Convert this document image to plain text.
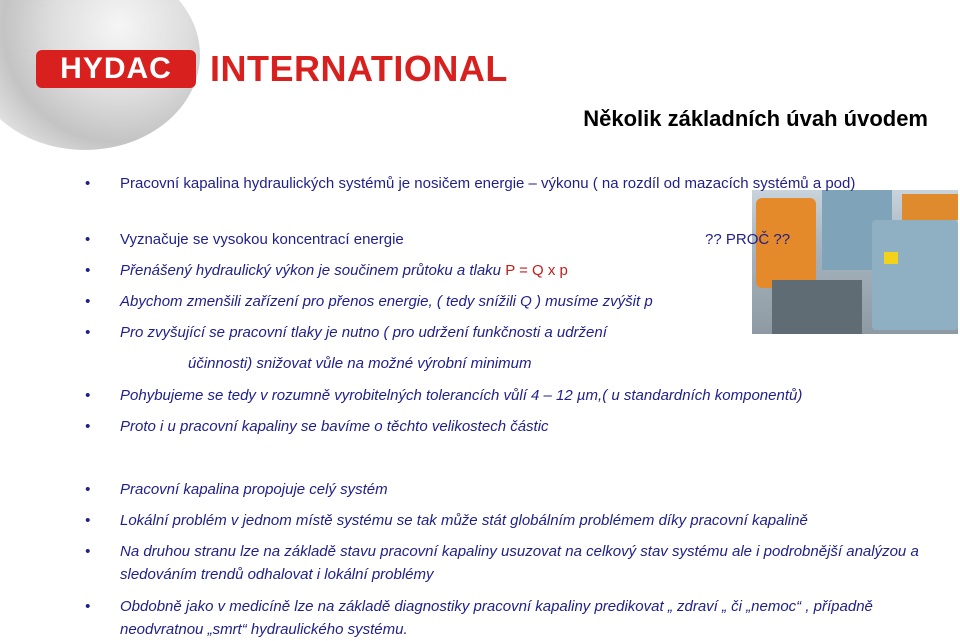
HYDAC INTERNATIONAL
Několik základních úvah úvodem
• Pracovní kapalina hydraulických systémů je nosičem energie – výkonu ( na rozdíl od mazacích systémů a pod)
• Vyznačuje se vysokou koncentrací energie	?? PROČ ??
• Přenášený hydraulický výkon je součinem průtoku a tlaku P = Q x p
• Abychom zmenšili zařízení pro přenos energie, ( tedy snížili Q ) musíme zvýšit p
• Pro zvyšující se pracovní tlaky je nutno ( pro udržení funkčnosti a udržení
účinnosti) snižovat vůle na možné výrobní minimum
• Pohybujeme se tedy v rozumně vyrobitelných tolerancích vůlí 4 – 12 µm,( u standardních komponentů)
• Proto i u pracovní kapaliny se bavíme o těchto velikostech částic
• Pracovní kapalina propojuje celý systém
• Lokální problém v jednom místě systému se tak může stát globálním problémem díky pracovní kapalině
• Na druhou stranu lze na základě stavu pracovní kapaliny usuzovat na celkový stav systému ale i podrobnější analýzou a sledováním trendů odhalovat i lokální problémy
• Obdobně jako v medicíně lze na základě diagnostiky pracovní kapaliny predikovat „ zdraví „ či „nemoc“ , případně neodvratnou „smrt“ hydraulického systému.
